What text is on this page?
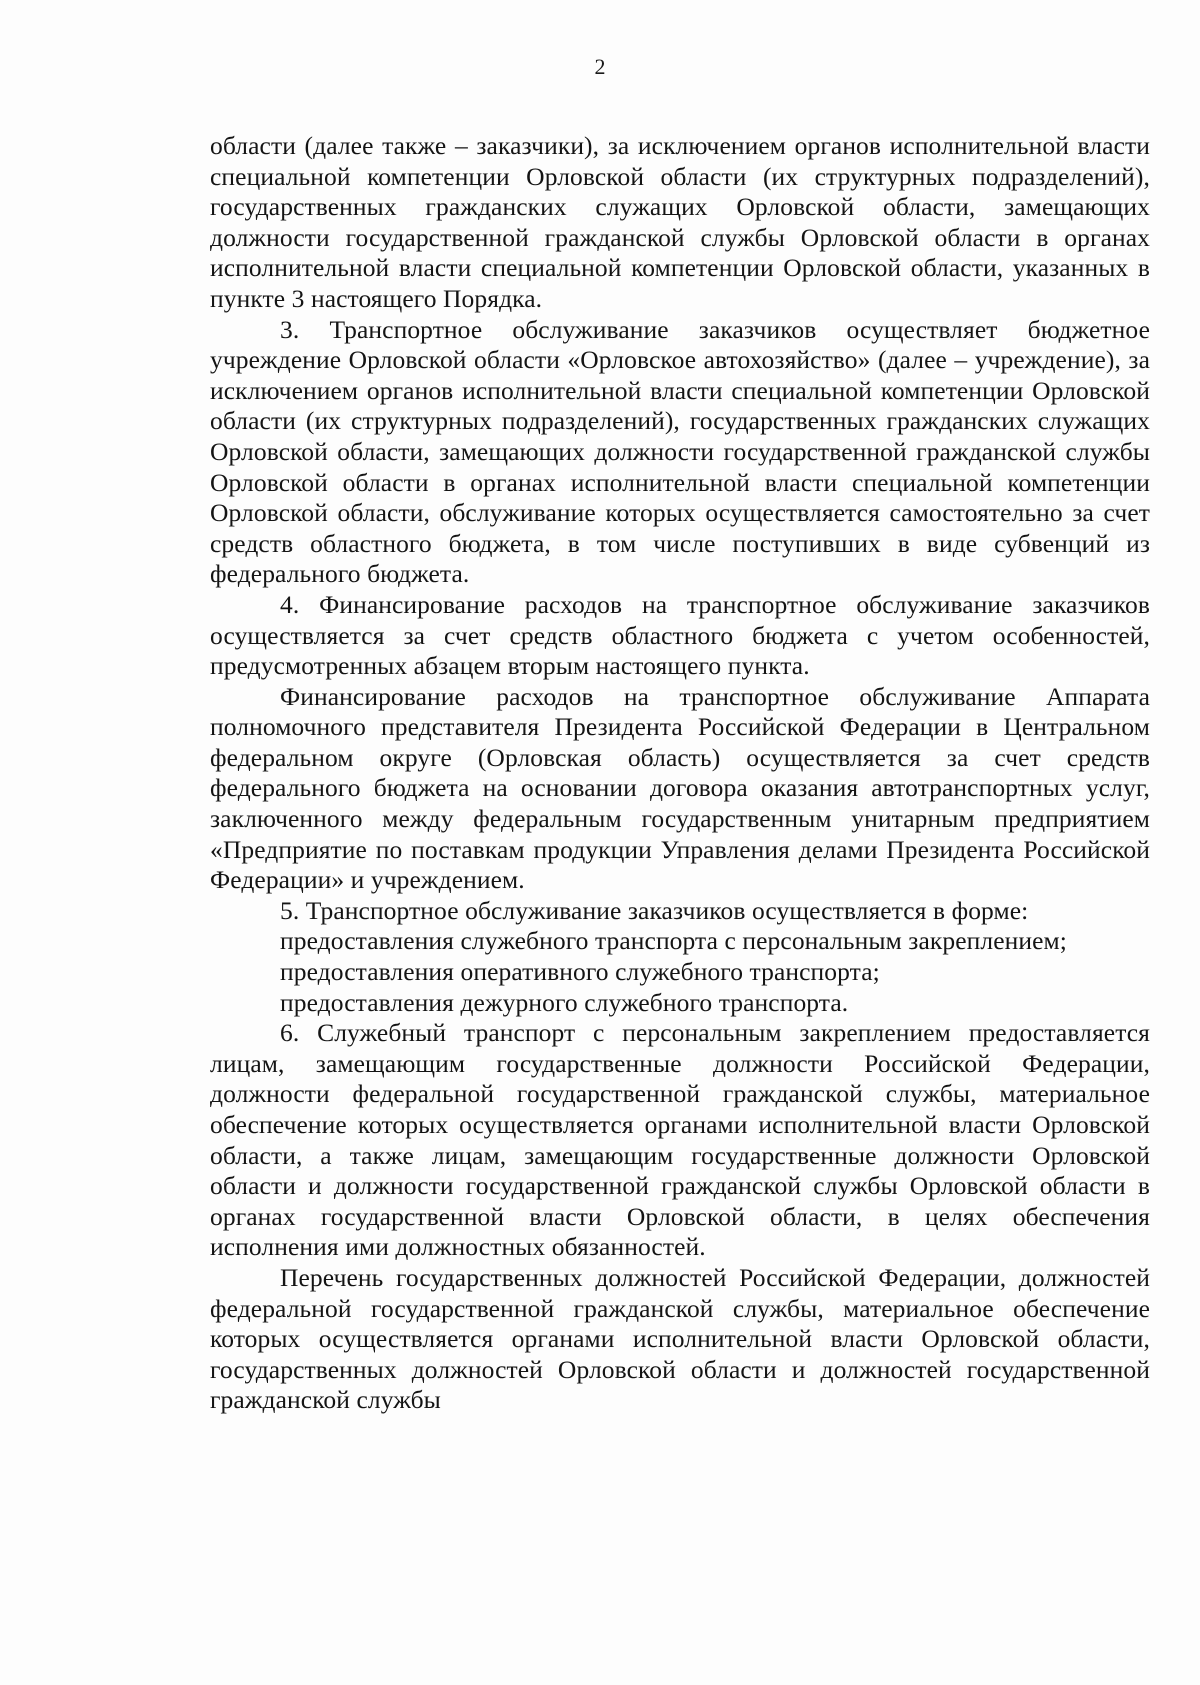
2

области (далее также – заказчики), за исключением органов исполнительной власти специальной компетенции Орловской области (их структурных подразделений), государственных гражданских служащих Орловской области, замещающих должности государственной гражданской службы Орловской области в органах исполнительной власти специальной компетенции Орловской области, указанных в пункте 3 настоящего Порядка.

3. Транспортное обслуживание заказчиков осуществляет бюджетное учреждение Орловской области «Орловское автохозяйство» (далее – учреждение), за исключением органов исполнительной власти специальной компетенции Орловской области (их структурных подразделений), государственных гражданских служащих Орловской области, замещающих должности государственной гражданской службы Орловской области в органах исполнительной власти специальной компетенции Орловской области, обслуживание которых осуществляется самостоятельно за счет средств областного бюджета, в том числе поступивших в виде субвенций из федерального бюджета.

4. Финансирование расходов на транспортное обслуживание заказчиков осуществляется за счет средств областного бюджета с учетом особенностей, предусмотренных абзацем вторым настоящего пункта.

Финансирование расходов на транспортное обслуживание Аппарата полномочного представителя Президента Российской Федерации в Центральном федеральном округе (Орловская область) осуществляется за счет средств федерального бюджета на основании договора оказания автотранспортных услуг, заключенного между федеральным государственным унитарным предприятием «Предприятие по поставкам продукции Управления делами Президента Российской Федерации» и учреждением.

5. Транспортное обслуживание заказчиков осуществляется в форме:

предоставления служебного транспорта с персональным закреплением;

предоставления оперативного служебного транспорта;

предоставления дежурного служебного транспорта.

6. Служебный транспорт с персональным закреплением предоставляется лицам, замещающим государственные должности Российской Федерации, должности федеральной государственной гражданской службы, материальное обеспечение которых осуществляется органами исполнительной власти Орловской области, а также лицам, замещающим государственные должности Орловской области и должности государственной гражданской службы Орловской области в органах государственной власти Орловской области, в целях обеспечения исполнения ими должностных обязанностей.

Перечень государственных должностей Российской Федерации, должностей федеральной государственной гражданской службы, материальное обеспечение которых осуществляется органами исполнительной власти Орловской области, государственных должностей Орловской области и должностей государственной гражданской службы
